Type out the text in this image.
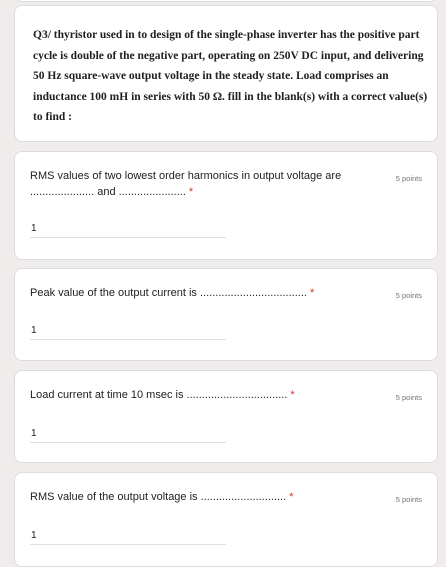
Q3/ thyristor used in to design of the single-phase inverter has the positive part cycle is double of the negative part, operating on 250V DC input, and delivering 50 Hz square-wave output voltage in the steady state. Load comprises an inductance 100 mH in series with 50 Ω. fill in the blank(s) with a correct value(s) to find :

RMS values of two lowest order harmonics in output voltage are
..................... and ...................... *

5 points
1

Peak value of the output current is ................................... *	5 points
1

Load current at time 10 msec is ................................. *	5 points
1

RMS value of the output voltage is ............................ *	5 points
1
